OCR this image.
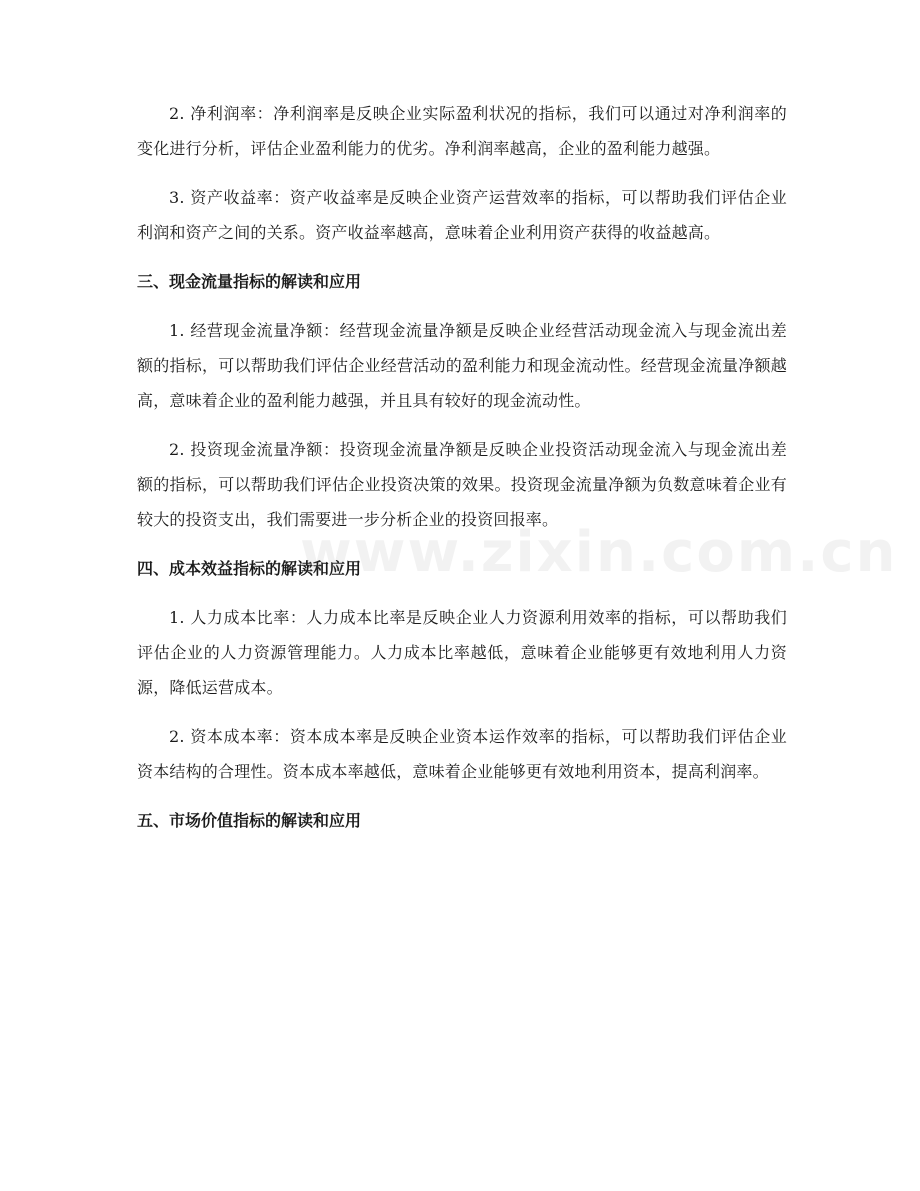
2. 净利润率：净利润率是反映企业实际盈利状况的指标，我们可以通过对净利润率的变化进行分析，评估企业盈利能力的优劣。净利润率越高，企业的盈利能力越强。

3. 资产收益率：资产收益率是反映企业资产运营效率的指标，可以帮助我们评估企业利润和资产之间的关系。资产收益率越高，意味着企业利用资产获得的收益越高。

三、现金流量指标的解读和应用

1. 经营现金流量净额：经营现金流量净额是反映企业经营活动现金流入与现金流出差额的指标，可以帮助我们评估企业经营活动的盈利能力和现金流动性。经营现金流量净额越高，意味着企业的盈利能力越强，并且具有较好的现金流动性。

2. 投资现金流量净额：投资现金流量净额是反映企业投资活动现金流入与现金流出差额的指标，可以帮助我们评估企业投资决策的效果。投资现金流量净额为负数意味着企业有较大的投资支出，我们需要进一步分析企业的投资回报率。

四、成本效益指标的解读和应用

1. 人力成本比率：人力成本比率是反映企业人力资源利用效率的指标，可以帮助我们评估企业的人力资源管理能力。人力成本比率越低，意味着企业能够更有效地利用人力资源，降低运营成本。

2. 资本成本率：资本成本率是反映企业资本运作效率的指标，可以帮助我们评估企业资本结构的合理性。资本成本率越低，意味着企业能够更有效地利用资本，提高利润率。

五、市场价值指标的解读和应用
www.zixin.com.cn
